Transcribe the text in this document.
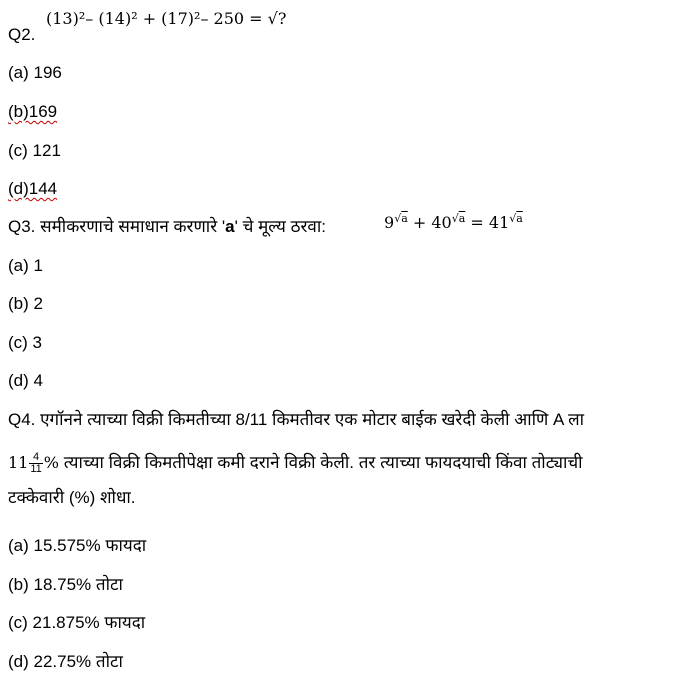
Q2.
(13)²– (14)² + (17)²– 250 = √?
(a) 196
(b)169
(c) 121
(d)144
Q3. समीकरणाचे समाधान करणारे 'a' चे मूल्य ठरवा:	$9^{√a} + 40^{√a} = 41^{√a}$
(a) 1
(b) 2
(c) 3
(d) 4
Q4. एगॉनने त्याच्या विक्री किमतीच्या 8/11 किमतीवर एक मोटार बाईक खरेदी केली आणि A ला
$11 \frac{4}{11}$ % त्याच्या विक्री किमतीपेक्षा कमी दराने विक्री केली. तर त्याच्या फायदयाची किंवा तोट्याची
टक्केवारी (%) शोधा.
(a) 15.575% फायदा
(b) 18.75% तोटा
(c) 21.875% फायदा
(d) 22.75% तोटा
